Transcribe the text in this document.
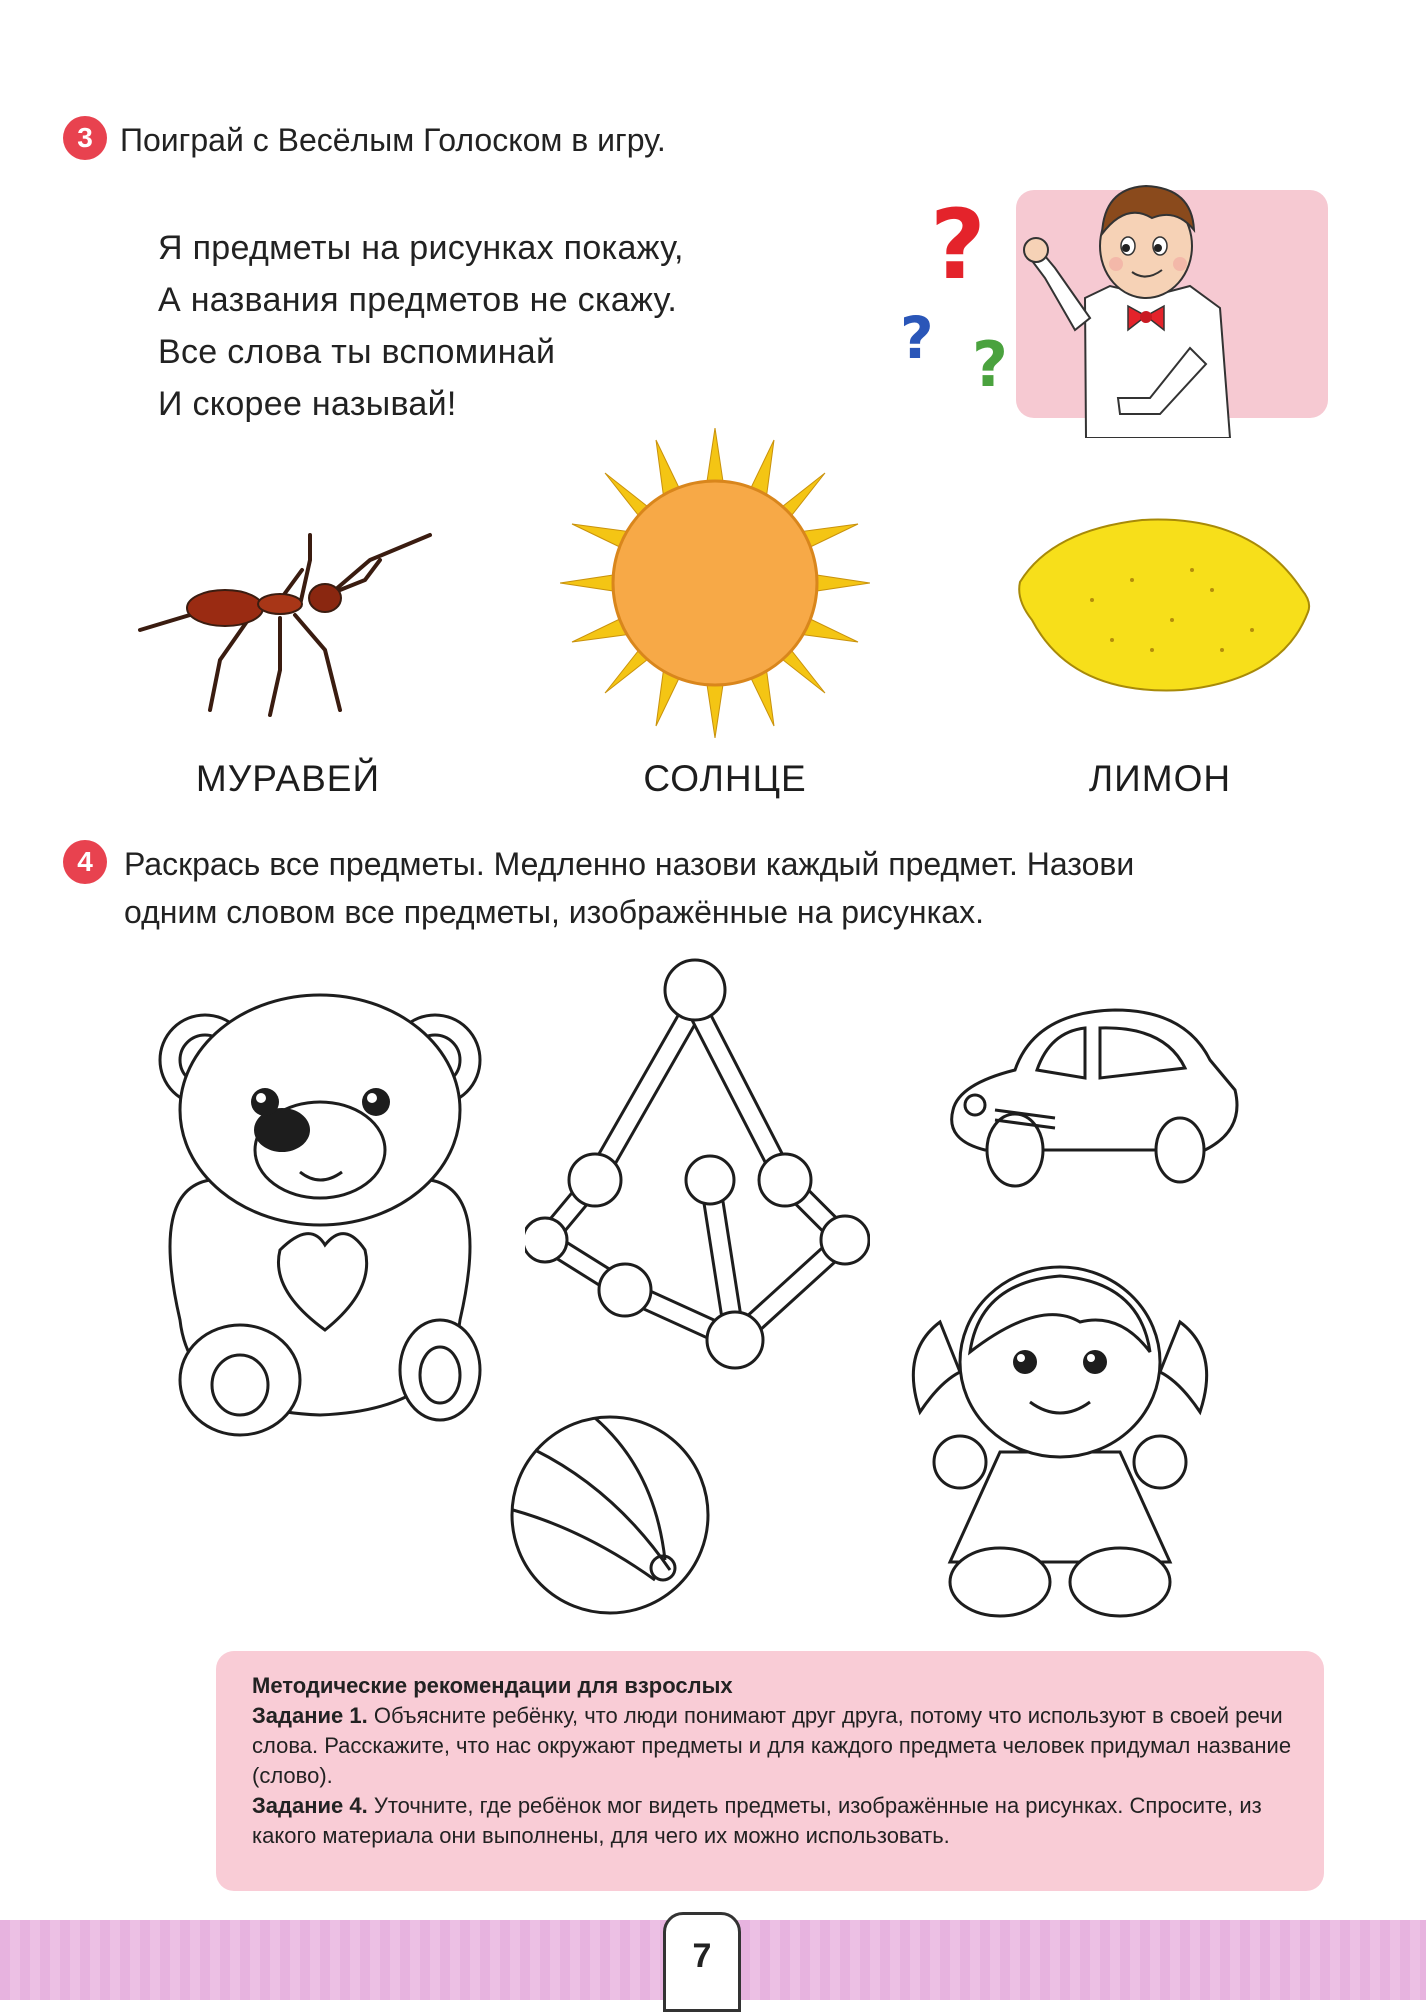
3 Поиграй с Весёлым Голоском в игру.
Я предметы на рисунках покажу,
А названия предметов не скажу.
Все слова ты вспоминай
И скорее называй!
?
? ?
МУРАВЕЙ	СОЛНЦЕ	ЛИМОН
4 Раскрась все предметы. Медленно назови каждый предмет. Назови
одним словом все предметы, изображённые на рисунках.
Методические рекомендации для взрослых
Задание 1. Объясните ребёнку, что люди понимают друг друга, потому что используют в своей речи слова. Расскажите, что нас окружают предметы и для каждого предмета человек придумал название (слово).
Задание 4. Уточните, где ребёнок мог видеть предметы, изображённые на рисунках. Спросите, из какого материала они выполнены, для чего их можно использовать.
7
